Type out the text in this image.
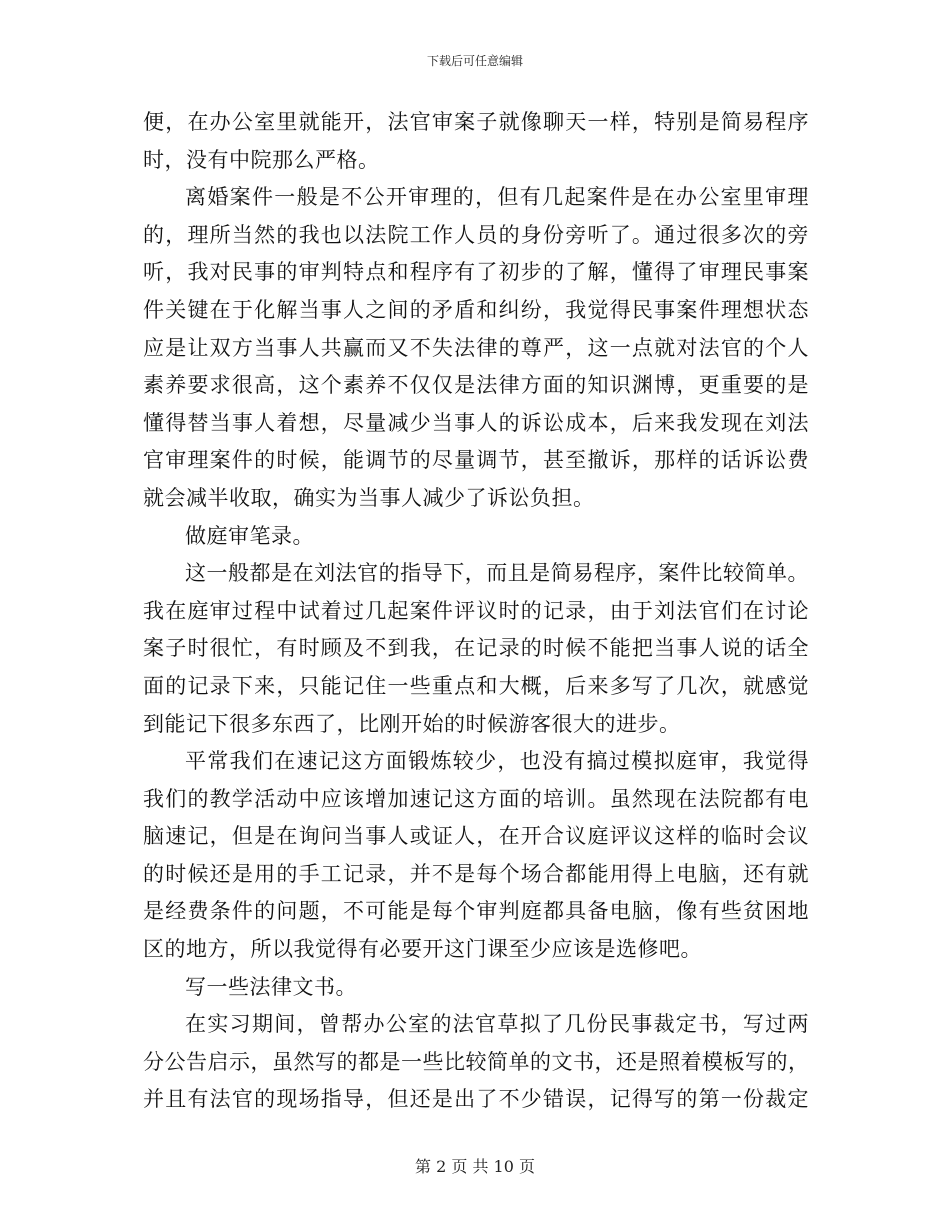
下载后可任意编辑
便，在办公室里就能开，法官审案子就像聊天一样，特别是简易程序
时，没有中院那么严格。
离婚案件一般是不公开审理的，但有几起案件是在办公室里审理
的，理所当然的我也以法院工作人员的身份旁听了。通过很多次的旁
听，我对民事的审判特点和程序有了初步的了解，懂得了审理民事案
件关键在于化解当事人之间的矛盾和纠纷，我觉得民事案件理想状态
应是让双方当事人共赢而又不失法律的尊严，这一点就对法官的个人
素养要求很高，这个素养不仅仅是法律方面的知识渊博，更重要的是
懂得替当事人着想，尽量减少当事人的诉讼成本，后来我发现在刘法
官审理案件的时候，能调节的尽量调节，甚至撤诉，那样的话诉讼费
就会减半收取，确实为当事人减少了诉讼负担。
做庭审笔录。
这一般都是在刘法官的指导下，而且是简易程序，案件比较简单。
我在庭审过程中试着过几起案件评议时的记录，由于刘法官们在讨论
案子时很忙，有时顾及不到我，在记录的时候不能把当事人说的话全
面的记录下来，只能记住一些重点和大概，后来多写了几次，就感觉
到能记下很多东西了，比刚开始的时候游客很大的进步。
平常我们在速记这方面锻炼较少，也没有搞过模拟庭审，我觉得
我们的教学活动中应该增加速记这方面的培训。虽然现在法院都有电
脑速记，但是在询问当事人或证人，在开合议庭评议这样的临时会议
的时候还是用的手工记录，并不是每个场合都能用得上电脑，还有就
是经费条件的问题，不可能是每个审判庭都具备电脑，像有些贫困地
区的地方，所以我觉得有必要开这门课至少应该是选修吧。
写一些法律文书。
在实习期间，曾帮办公室的法官草拟了几份民事裁定书，写过两
分公告启示，虽然写的都是一些比较简单的文书，还是照着模板写的，
并且有法官的现场指导，但还是出了不少错误，记得写的第一份裁定
第 2 页 共 10 页
